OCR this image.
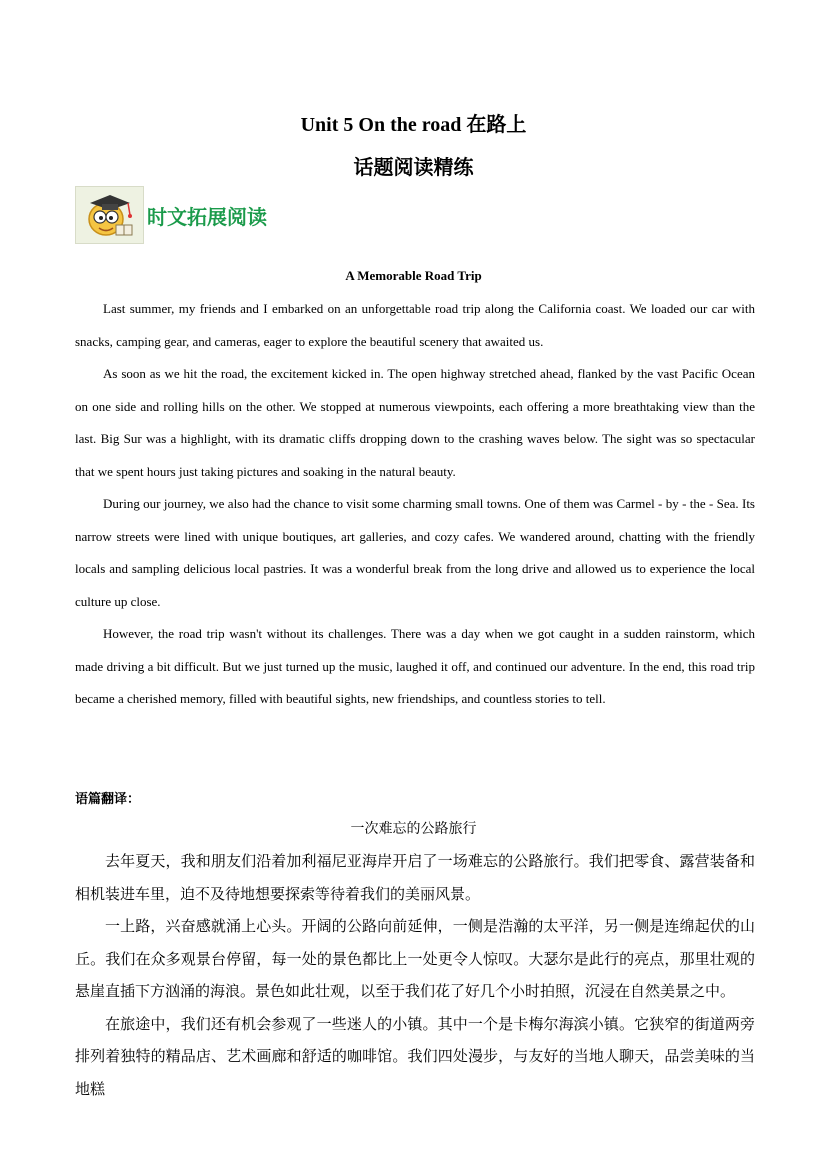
Unit 5 On the road 在路上
话题阅读精练
时文拓展阅读
A Memorable Road Trip

Last summer, my friends and I embarked on an unforgettable road trip along the California coast. We loaded our car with snacks, camping gear, and cameras, eager to explore the beautiful scenery that awaited us.

As soon as we hit the road, the excitement kicked in. The open highway stretched ahead, flanked by the vast Pacific Ocean on one side and rolling hills on the other. We stopped at numerous viewpoints, each offering a more breathtaking view than the last. Big Sur was a highlight, with its dramatic cliffs dropping down to the crashing waves below. The sight was so spectacular that we spent hours just taking pictures and soaking in the natural beauty.

During our journey, we also had the chance to visit some charming small towns. One of them was Carmel - by - the - Sea. Its narrow streets were lined with unique boutiques, art galleries, and cozy cafes. We wandered around, chatting with the friendly locals and sampling delicious local pastries. It was a wonderful break from the long drive and allowed us to experience the local culture up close.

However, the road trip wasn't without its challenges. There was a day when we got caught in a sudden rainstorm, which made driving a bit difficult. But we just turned up the music, laughed it off, and continued our adventure. In the end, this road trip became a cherished memory, filled with beautiful sights, new friendships, and countless stories to tell.

语篇翻译：
一次难忘的公路旅行

去年夏天，我和朋友们沿着加利福尼亚海岸开启了一场难忘的公路旅行。我们把零食、露营装备和相机装进车里，迫不及待地想要探索等待着我们的美丽风景。

一上路，兴奋感就涌上心头。开阔的公路向前延伸，一侧是浩瀚的太平洋，另一侧是连绵起伏的山丘。我们在众多观景台停留，每一处的景色都比上一处更令人惊叹。大瑟尔是此行的亮点，那里壮观的悬崖直插下方汹涌的海浪。景色如此壮观，以至于我们花了好几个小时拍照，沉浸在自然美景之中。

在旅途中，我们还有机会参观了一些迷人的小镇。其中一个是卡梅尔海滨小镇。它狭窄的街道两旁排列着独特的精品店、艺术画廊和舒适的咖啡馆。我们四处漫步，与友好的当地人聊天，品尝美味的当地糕
